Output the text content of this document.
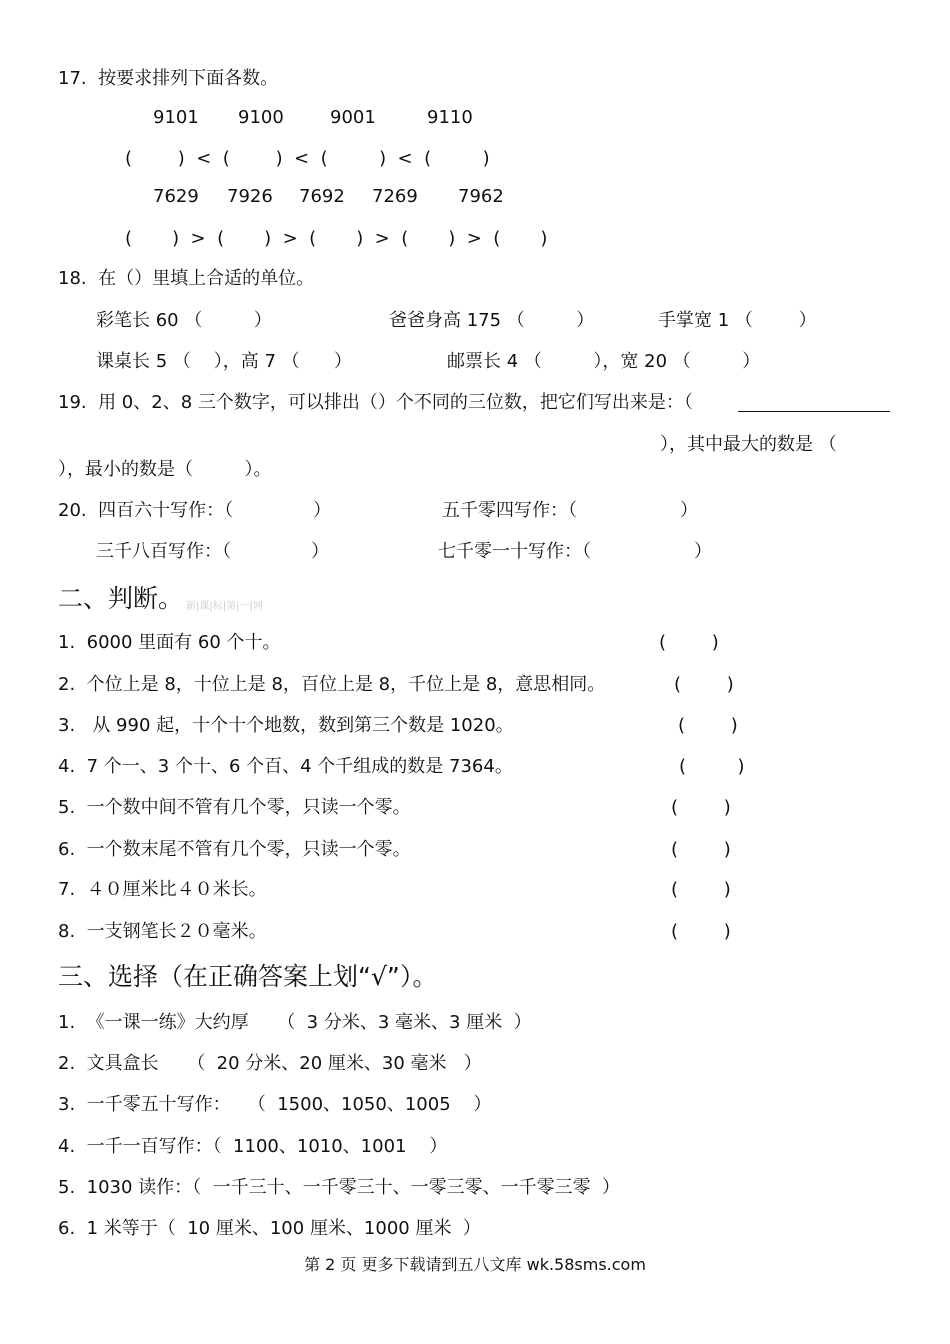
17.  按要求排列下面各数。
9101 9100	9001	9110
(        )  <  (        )  <  (         )  <  (         )
7629 7926 7692 7269 7962
(       )  >  (       )  >  (       )  >  (       )  >  (       )
18.  在（）里填上合适的单位。
彩笔长 60 （         ）	爸爸身高 175 （         ）	手掌宽 1 （        ）
课桌长 5 （    ），高 7 （      ）	邮票长 4 （         ），宽 20 （         ）
19.  用 0、2、8 三个数字，可以排出（）个不同的三位数，把它们写出来是：（
），其中最大的数是 （
），最小的数是（         ）。
20.  四百六十写作：（              ）	五千零四写作：（                  ）
三千八百写作：（              ）	七千零一十写作：（                  ）
二、判断。 新|课|标|第|一|网
1.  6000 里面有 60 个十。	(        )
2.  个位上是 8，十位上是 8，百位上是 8，千位上是 8，意思相同。	(        )
3.   从 990 起，十个十个地数，数到第三个数是 1020。	(        )
4.  7 个一、3 个十、6 个百、4 个千组成的数是 7364。	(         )
5.  一个数中间不管有几个零，只读一个零。	(        )
6.  一个数末尾不管有几个零，只读一个零。	(        )
7.  ４０厘米比４０米长。	(        )
8.  一支钢笔长２０毫米。	(        )
三、选择（在正确答案上划“√”）。
1.  《一课一练》大约厚     （  3 分米、3 毫米、3 厘米  ）
2.  文具盒长     （  20 分米、20 厘米、30 毫米   ）
3.  一千零五十写作：   （  1500、1050、1005    ）
4.  一千一百写作：（  1100、1010、1001    ）
5.  1030 读作：（  一千三十、一千零三十、一零三零、一千零三零  ）
6.  1 米等于（  10 厘米、100 厘米、1000 厘米  ）
第 2 页 更多下载请到五八文库 wk.58sms.com
